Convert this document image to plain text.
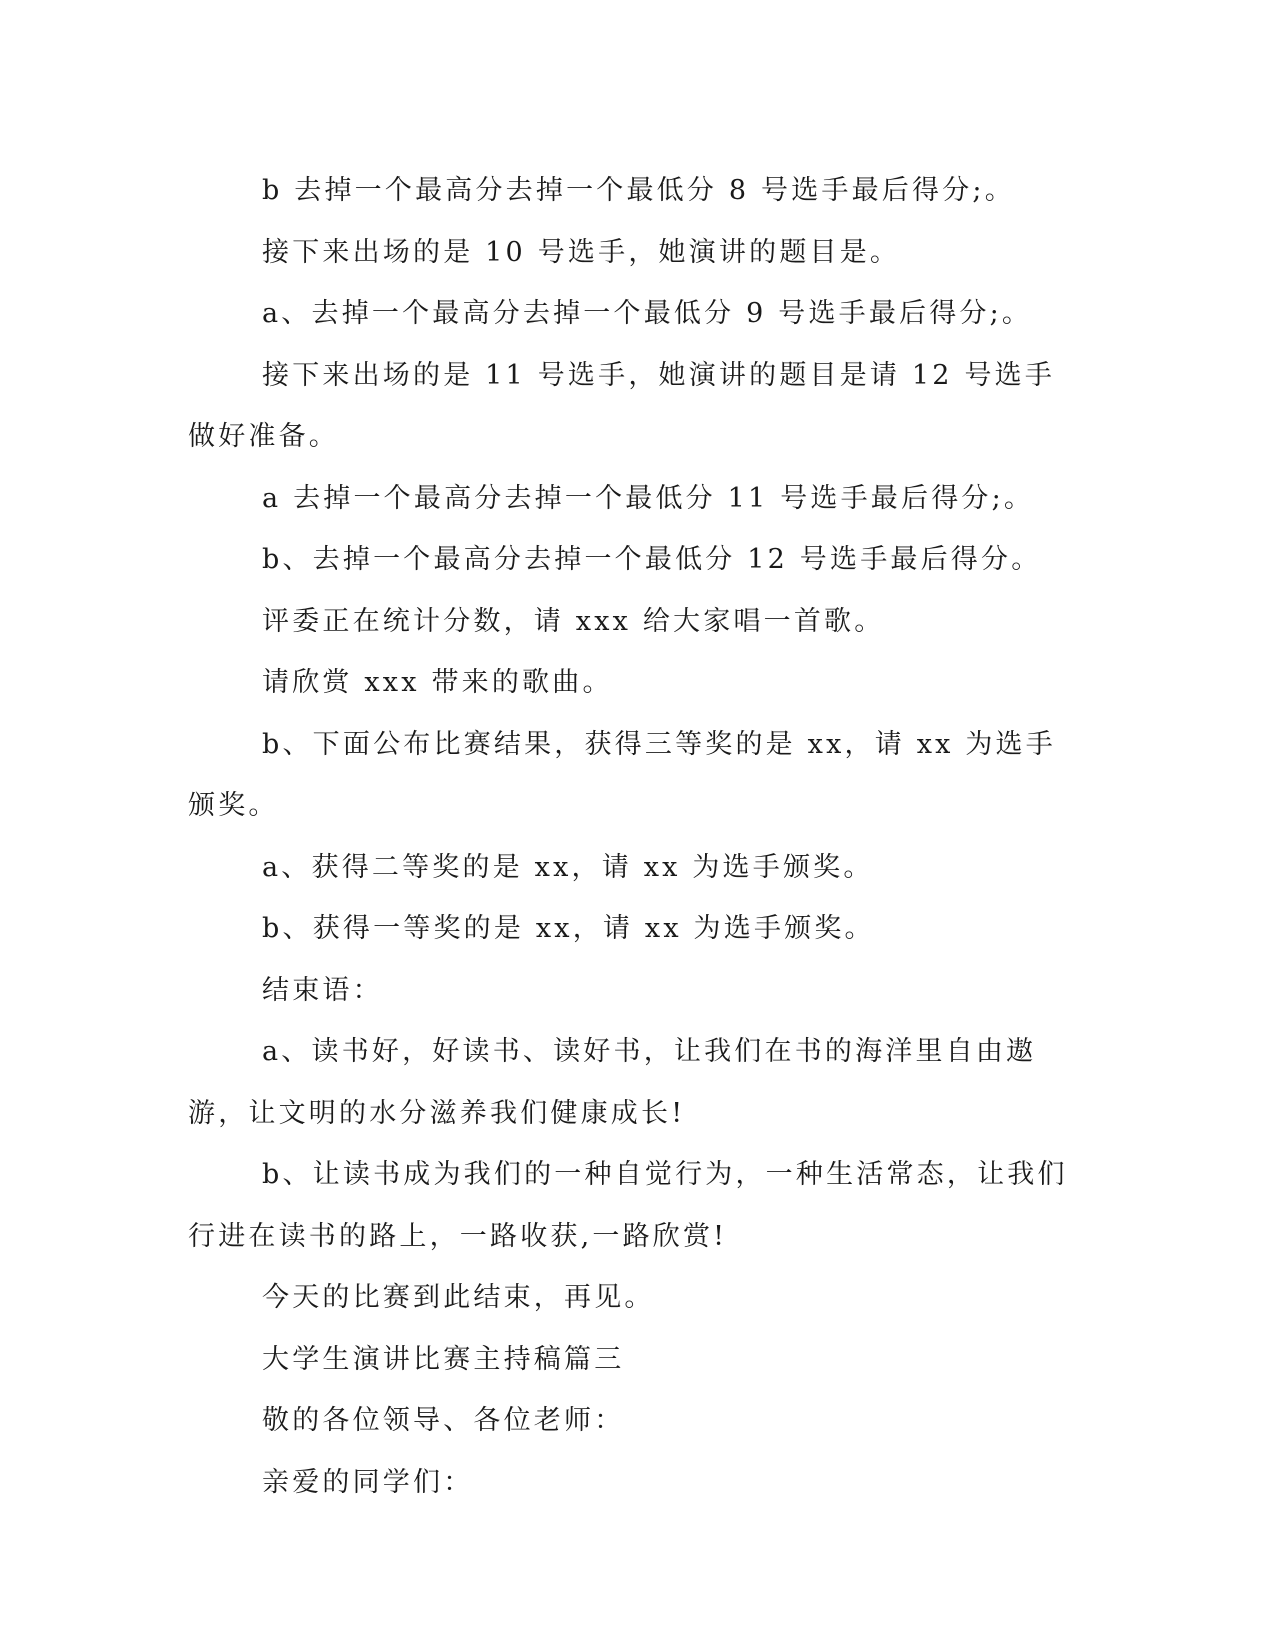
b 去掉一个最高分去掉一个最低分 8 号选手最后得分;。

接下来出场的是 10 号选手，她演讲的题目是。

a、去掉一个最高分去掉一个最低分 9 号选手最后得分;。

接下来出场的是 11 号选手，她演讲的题目是请 12 号选手做好准备。

a 去掉一个最高分去掉一个最低分 11 号选手最后得分;。

b、去掉一个最高分去掉一个最低分 12 号选手最后得分。

评委正在统计分数，请 xxx 给大家唱一首歌。

请欣赏 xxx 带来的歌曲。

b、下面公布比赛结果，获得三等奖的是 xx，请 xx 为选手颁奖。

a、获得二等奖的是 xx，请 xx 为选手颁奖。

b、获得一等奖的是 xx，请 xx 为选手颁奖。

结束语：

a、读书好，好读书、读好书，让我们在书的海洋里自由遨游，让文明的水分滋养我们健康成长!

b、让读书成为我们的一种自觉行为，一种生活常态，让我们行进在读书的路上，一路收获,一路欣赏!

今天的比赛到此结束，再见。

大学生演讲比赛主持稿篇三

敬的各位领导、各位老师：

亲爱的同学们：
